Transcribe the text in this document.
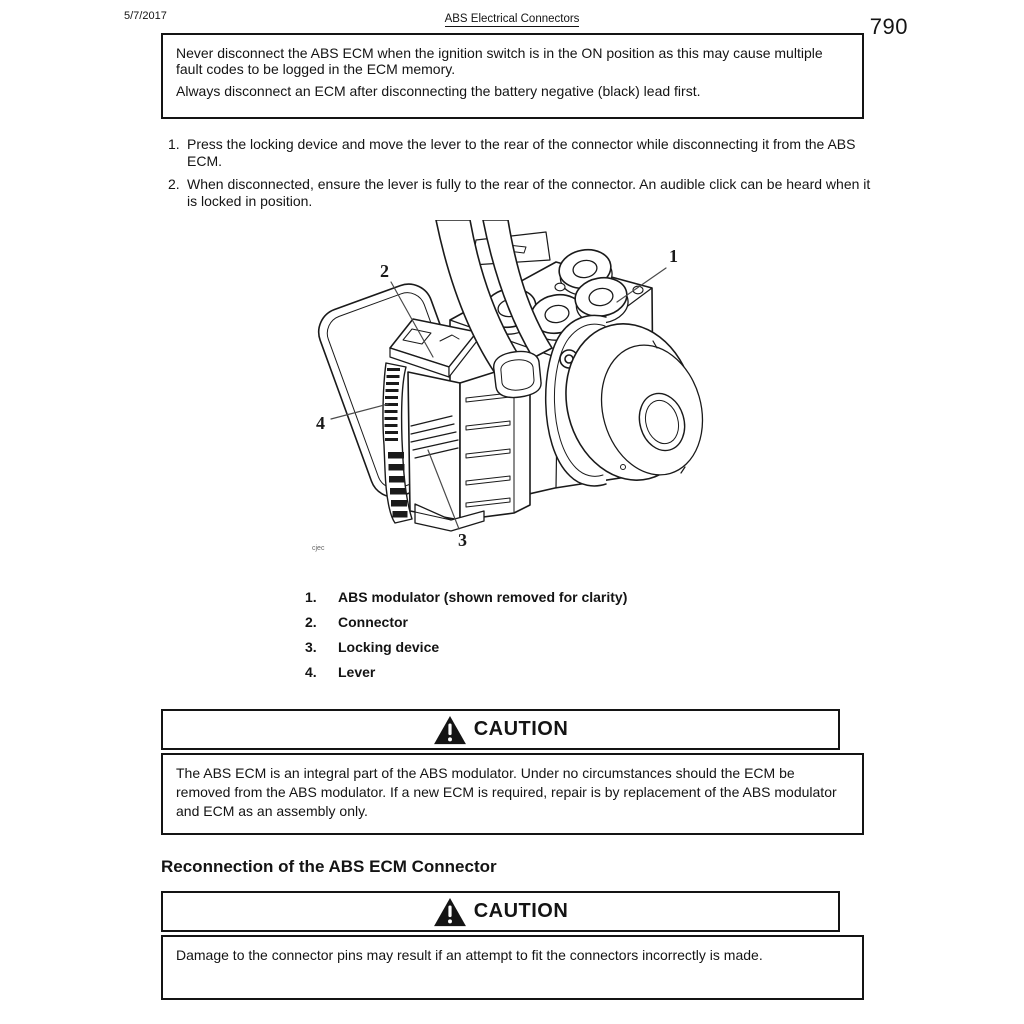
5/7/2017	ABS Electrical Connectors	790

Never disconnect the ABS ECM when the ignition switch is in the ON position as this may cause multiple fault codes to be logged in the ECM memory.

Always disconnect an ECM after disconnecting the battery negative (black) lead first.

1. Press the locking device and move the lever to the rear of the connector while disconnecting it from the ABS ECM.
2. When disconnected, ensure the lever is fully to the rear of the connector. An audible click can be heard when it is locked in position.
1
2
4
3
cjec
1.	ABS modulator (shown removed for clarity)
2.	Connector
3.	Locking device
4.	Lever
CAUTION
The ABS ECM is an integral part of the ABS modulator. Under no circumstances should the ECM be removed from the ABS modulator. If a new ECM is required, repair is by replacement of the ABS modulator and ECM as an assembly only.
Reconnection of the ABS ECM Connector
CAUTION
Damage to the connector pins may result if an attempt to fit the connectors incorrectly is made.
